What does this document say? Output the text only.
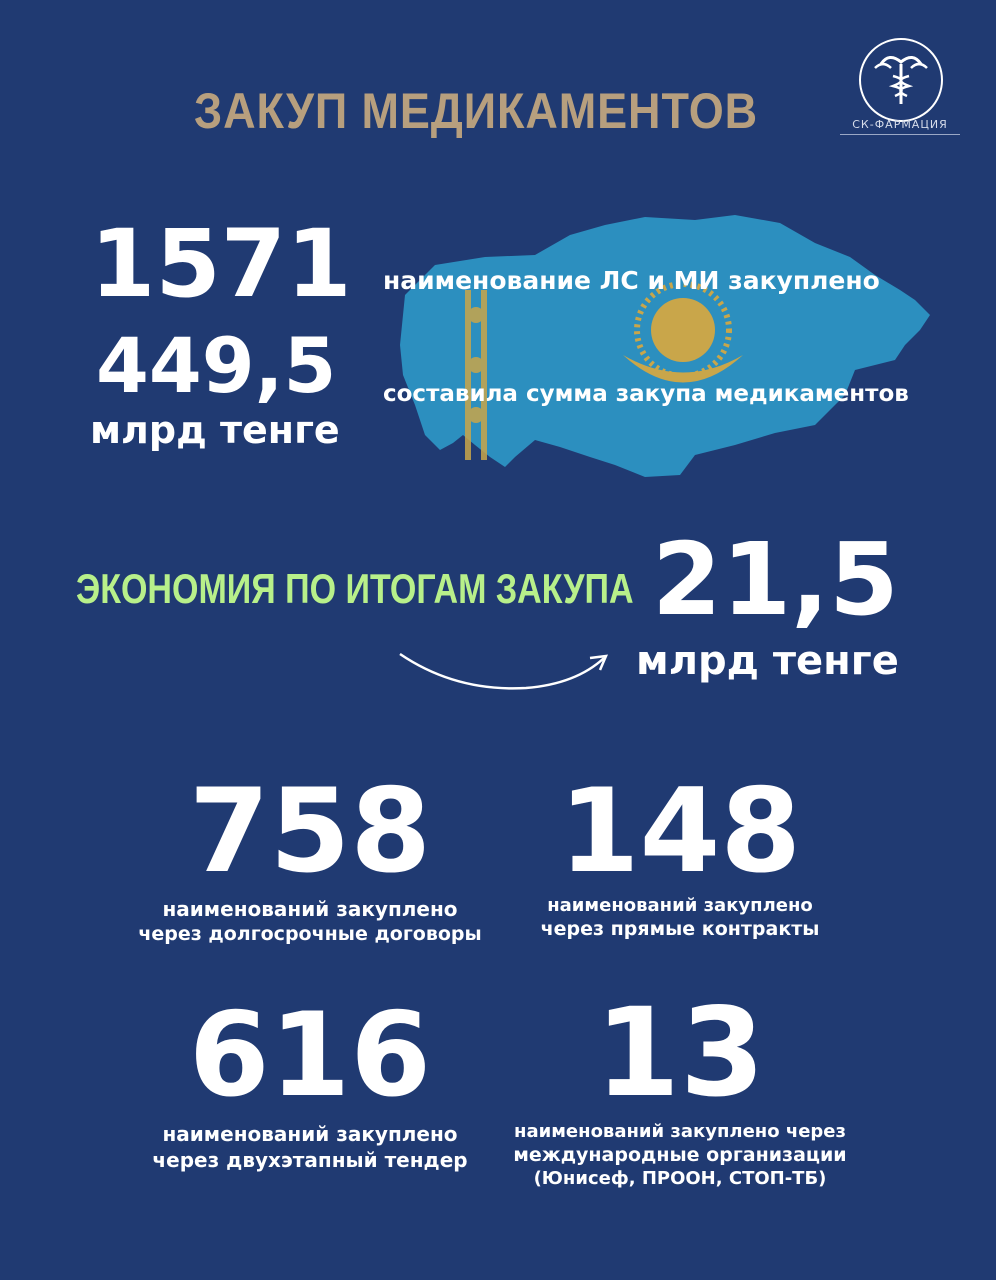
ЗАКУП МЕДИКАМЕНТОВ	СК-ФАРМАЦИЯ
1571
449,5
млрд тенге
наименование ЛС и МИ закуплено
составила сумма закупа медикаментов
ЭКОНОМИЯ ПО ИТОГАМ ЗАКУПА 21,5
млрд тенге
758
наименований закуплено
через долгосрочные договоры
148
наименований закуплено
через прямые контракты
616
наименований закуплено
через двухэтапный тендер
13
наименований закуплено через
международные организации
(Юнисеф, ПРООН, СТОП-ТБ)
